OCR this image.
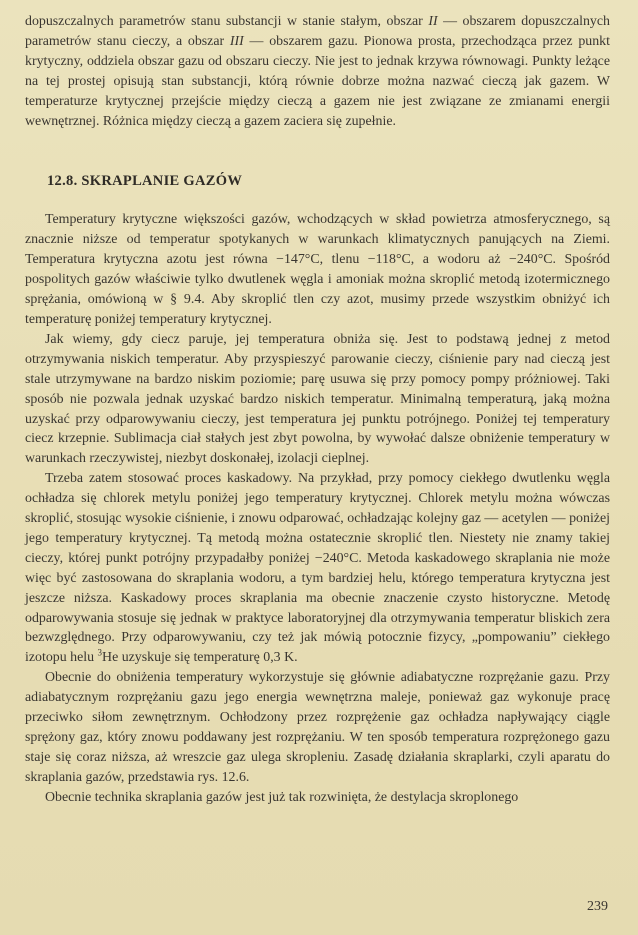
dopuszczalnych parametrów stanu substancji w stanie stałym, obszar II — obszarem dopuszczalnych parametrów stanu cieczy, a obszar III — obszarem gazu. Pionowa prosta, przechodząca przez punkt krytyczny, oddziela obszar gazu od obszaru cieczy. Nie jest to jednak krzywa równowagi. Punkty leżące na tej prostej opisują stan substancji, którą równie dobrze można nazwać cieczą jak gazem. W temperaturze krytycznej przejście między cieczą a gazem nie jest związane ze zmianami energii wewnętrznej. Różnica między cieczą a gazem zaciera się zupełnie.

12.8. SKRAPLANIE GAZÓW

Temperatury krytyczne większości gazów, wchodzących w skład powietrza atmosferycznego, są znacznie niższe od temperatur spotykanych w warunkach klimatycznych panujących na Ziemi. Temperatura krytyczna azotu jest równa −147°C, tlenu −118°C, a wodoru aż −240°C. Spośród pospolitych gazów właściwie tylko dwutlenek węgla i amoniak można skroplić metodą izotermicznego sprężania, omówioną w § 9.4. Aby skroplić tlen czy azot, musimy przede wszystkim obniżyć ich temperaturę poniżej temperatury krytycznej.

Jak wiemy, gdy ciecz paruje, jej temperatura obniża się. Jest to podstawą jednej z metod otrzymywania niskich temperatur. Aby przyspieszyć parowanie cieczy, ciśnienie pary nad cieczą jest stale utrzymywane na bardzo niskim poziomie; parę usuwa się przy pomocy pompy próżniowej. Taki sposób nie pozwala jednak uzyskać bardzo niskich temperatur. Minimalną temperaturą, jaką można uzyskać przy odparowywaniu cieczy, jest temperatura jej punktu potrójnego. Poniżej tej temperatury ciecz krzepnie. Sublimacja ciał stałych jest zbyt powolna, by wywołać dalsze obniżenie temperatury w warunkach rzeczywistej, niezbyt doskonałej, izolacji cieplnej.

Trzeba zatem stosować proces kaskadowy. Na przykład, przy pomocy ciekłego dwutlenku węgla ochładza się chlorek metylu poniżej jego temperatury krytycznej. Chlorek metylu można wówczas skroplić, stosując wysokie ciśnienie, i znowu odparować, ochładzając kolejny gaz — acetylen — poniżej jego temperatury krytycznej. Tą metodą można ostatecznie skroplić tlen. Niestety nie znamy takiej cieczy, której punkt potrójny przypadałby poniżej −240°C. Metoda kaskadowego skraplania nie może więc być zastosowana do skraplania wodoru, a tym bardziej helu, którego temperatura krytyczna jest jeszcze niższa. Kaskadowy proces skraplania ma obecnie znaczenie czysto historyczne. Metodę odparowywania stosuje się jednak w praktyce laboratoryjnej dla otrzymywania temperatur bliskich zera bezwzględnego. Przy odparowywaniu, czy też jak mówią potocznie fizycy, „pompowaniu” ciekłego izotopu helu $^3$He uzyskuje się temperaturę 0,3 K.

Obecnie do obniżenia temperatury wykorzystuje się głównie adiabatyczne rozprężanie gazu. Przy adiabatycznym rozprężaniu gazu jego energia wewnętrzna maleje, ponieważ gaz wykonuje pracę przeciwko siłom zewnętrznym. Ochłodzony przez rozprężenie gaz ochładza napływający ciągle sprężony gaz, który znowu poddawany jest rozprężaniu. W ten sposób temperatura rozprężonego gazu staje się coraz niższa, aż wreszcie gaz ulega skropleniu. Zasadę działania skraplarki, czyli aparatu do skraplania gazów, przedstawia rys. 12.6.

Obecnie technika skraplania gazów jest już tak rozwinięta, że destylacja skroplonego

239
